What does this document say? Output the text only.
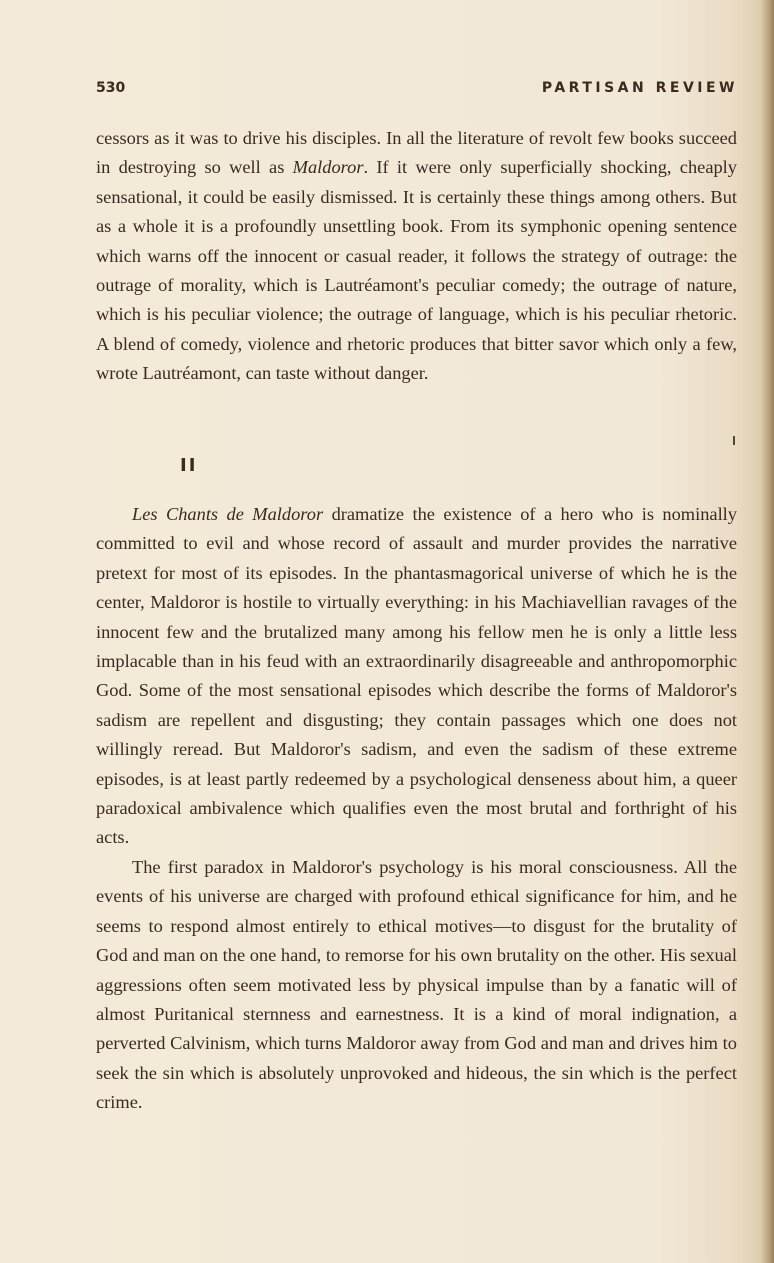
530	PARTISAN REVIEW

cessors as it was to drive his disciples. In all the literature of revolt few books succeed in destroying so well as Maldoror. If it were only superficially shocking, cheaply sensational, it could be easily dismissed. It is certainly these things among others. But as a whole it is a profoundly unsettling book. From its symphonic opening sentence which warns off the innocent or casual reader, it follows the strategy of outrage: the outrage of morality, which is Lautréamont's peculiar comedy; the outrage of nature, which is his peculiar violence; the outrage of language, which is his peculiar rhetoric. A blend of comedy, violence and rhetoric produces that bitter savor which only a few, wrote Lautréamont, can taste without danger.

II

Les Chants de Maldoror dramatize the existence of a hero who is nominally committed to evil and whose record of assault and murder provides the narrative pretext for most of its episodes. In the phantasmagorical universe of which he is the center, Maldoror is hostile to virtually everything: in his Machiavellian ravages of the innocent few and the brutalized many among his fellow men he is only a little less implacable than in his feud with an extraordinarily disagreeable and anthropomorphic God. Some of the most sensational episodes which describe the forms of Maldoror's sadism are repellent and disgusting; they contain passages which one does not willingly reread. But Maldoror's sadism, and even the sadism of these extreme episodes, is at least partly redeemed by a psychological denseness about him, a queer paradoxical ambivalence which qualifies even the most brutal and forthright of his acts.

The first paradox in Maldoror's psychology is his moral consciousness. All the events of his universe are charged with profound ethical significance for him, and he seems to respond almost entirely to ethical motives—to disgust for the brutality of God and man on the one hand, to remorse for his own brutality on the other. His sexual aggressions often seem motivated less by physical impulse than by a fanatic will of almost Puritanical sternness and earnestness. It is a kind of moral indignation, a perverted Calvinism, which turns Maldoror away from God and man and drives him to seek the sin which is absolutely unprovoked and hideous, the sin which is the perfect crime.
